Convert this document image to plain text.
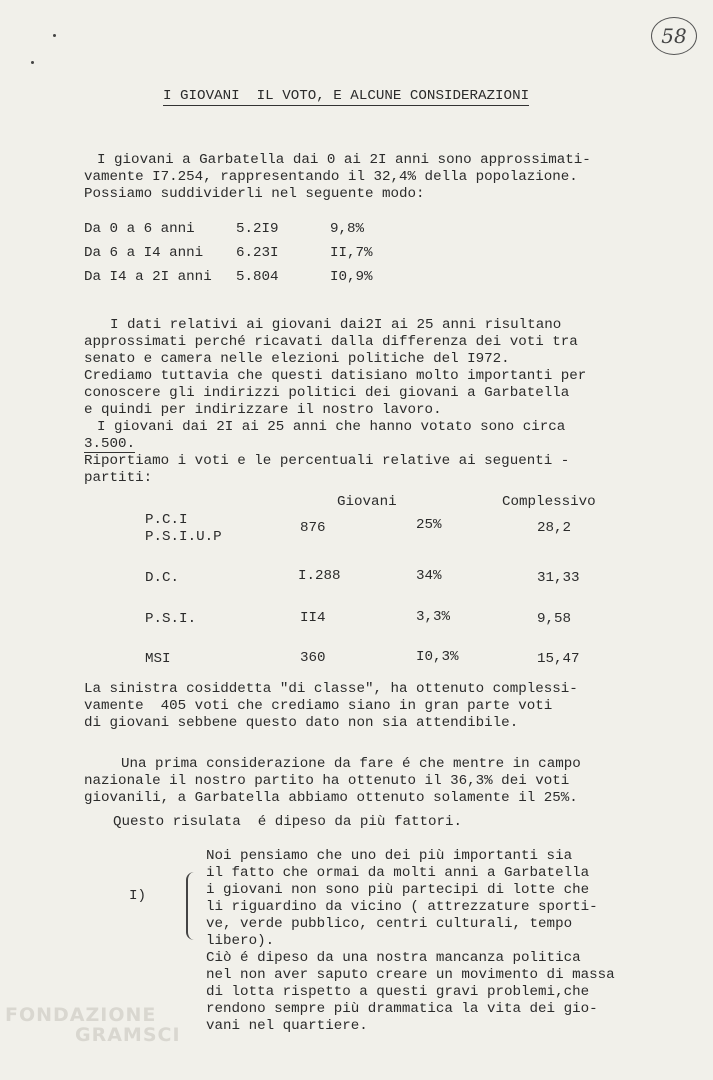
58
I GIOVANI  IL VOTO, E ALCUNE CONSIDERAZIONI
I giovani a Garbatella dai 0 ai 2I anni sono approssimati-
vamente I7.254, rappresentando il 32,4% della popolazione.
Possiamo suddividerli nel seguente modo:
Da 0 a 6 anni	5.2I9	9,8%
Da 6 a I4 anni 6.23I	II,7%
Da I4 a 2I anni 5.804	I0,9%
I dati relativi ai giovani dai2I ai 25 anni risultano
approssimati perché ricavati dalla differenza dei voti tra
senato e camera nelle elezioni politiche del I972.
Crediamo tuttavia che questi datisiano molto importanti per
conoscere gli indirizzi politici dei giovani a Garbatella
e quindi per indirizzare il nostro lavoro.
I giovani dai 2I ai 25 anni che hanno votato sono circa
3.500.
Riportiamo i voti e le percentuali relative ai seguenti -
partiti:
Giovani	Complessivo
P.C.I
P.S.I.U.P
876	25%	28,2
D.C.	I.288	34%	31,33
P.S.I.	II4	3,3%	9,58
MSI	360	I0,3%	15,47
La sinistra cosiddetta "di classe", ha ottenuto complessi-
vamente  405 voti che crediamo siano in gran parte voti
di giovani sebbene questo dato non sia attendibile.
Una prima considerazione da fare é che mentre in campo
nazionale il nostro partito ha ottenuto il 36,3% dei voti
giovanili, a Garbatella abbiamo ottenuto solamente il 25%.
Questo risulata  é dipeso da più fattori.
I)
Noi pensiamo che uno dei più importanti sia
il fatto che ormai da molti anni a Garbatella
i giovani non sono più partecipi di lotte che
li riguardino da vicino ( attrezzature sporti-
ve, verde pubblico, centri culturali, tempo
libero).
Ciò é dipeso da una nostra mancanza politica
nel non aver saputo creare un movimento di massa
di lotta rispetto a questi gravi problemi,che
rendono sempre più drammatica la vita dei gio-
vani nel quartiere.
FONDAZIONE
GRAMSCI
